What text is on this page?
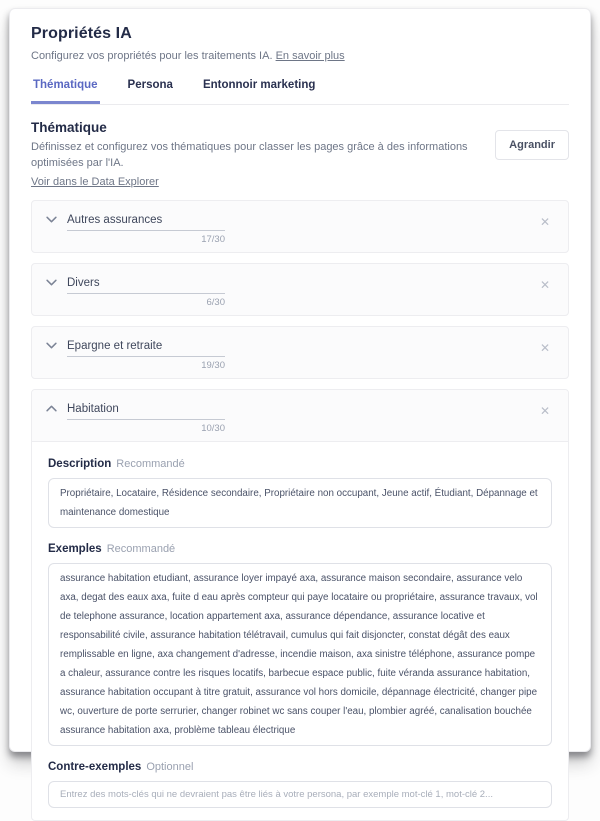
Propriétés IA

Configurez vos propriétés pour les traitements IA. En savoir plus

Thématique	Persona	Entonnoir marketing
Thématique

Définissez et configurez vos thématiques pour classer les pages grâce à des informations optimisées par l'IA.

Voir dans le Data Explorer
Agrandir
Autres assurances
17/30
✕
Divers
6/30
✕
Épargne et retraite
19/30
✕
Habitation
10/30
✕
Description Recommandé
Propriétaire, Locataire, Résidence secondaire, Propriétaire non occupant, Jeune actif, Étudiant, Dépannage et maintenance domestique
Exemples Recommandé
assurance habitation etudiant, assurance loyer impayé axa, assurance maison secondaire, assurance velo axa, degat des eaux axa, fuite d eau après compteur qui paye locataire ou propriétaire, assurance travaux, vol de telephone assurance, location appartement axa, assurance dépendance, assurance locative et responsabilité civile, assurance habitation télétravail, cumulus qui fait disjoncter, constat dégât des eaux remplissable en ligne, axa changement d'adresse, incendie maison, axa sinistre téléphone, assurance pompe a chaleur, assurance contre les risques locatifs, barbecue espace public, fuite véranda assurance habitation, assurance habitation occupant à titre gratuit, assurance vol hors domicile, dépannage électricité, changer pipe wc, ouverture de porte serrurier, changer robinet wc sans couper l'eau, plombier agréé, canalisation bouchée assurance habitation axa, problème tableau électrique
Contre-exemples Optionnel
Entrez des mots-clés qui ne devraient pas être liés à votre persona, par exemple mot-clé 1, mot-clé 2...
